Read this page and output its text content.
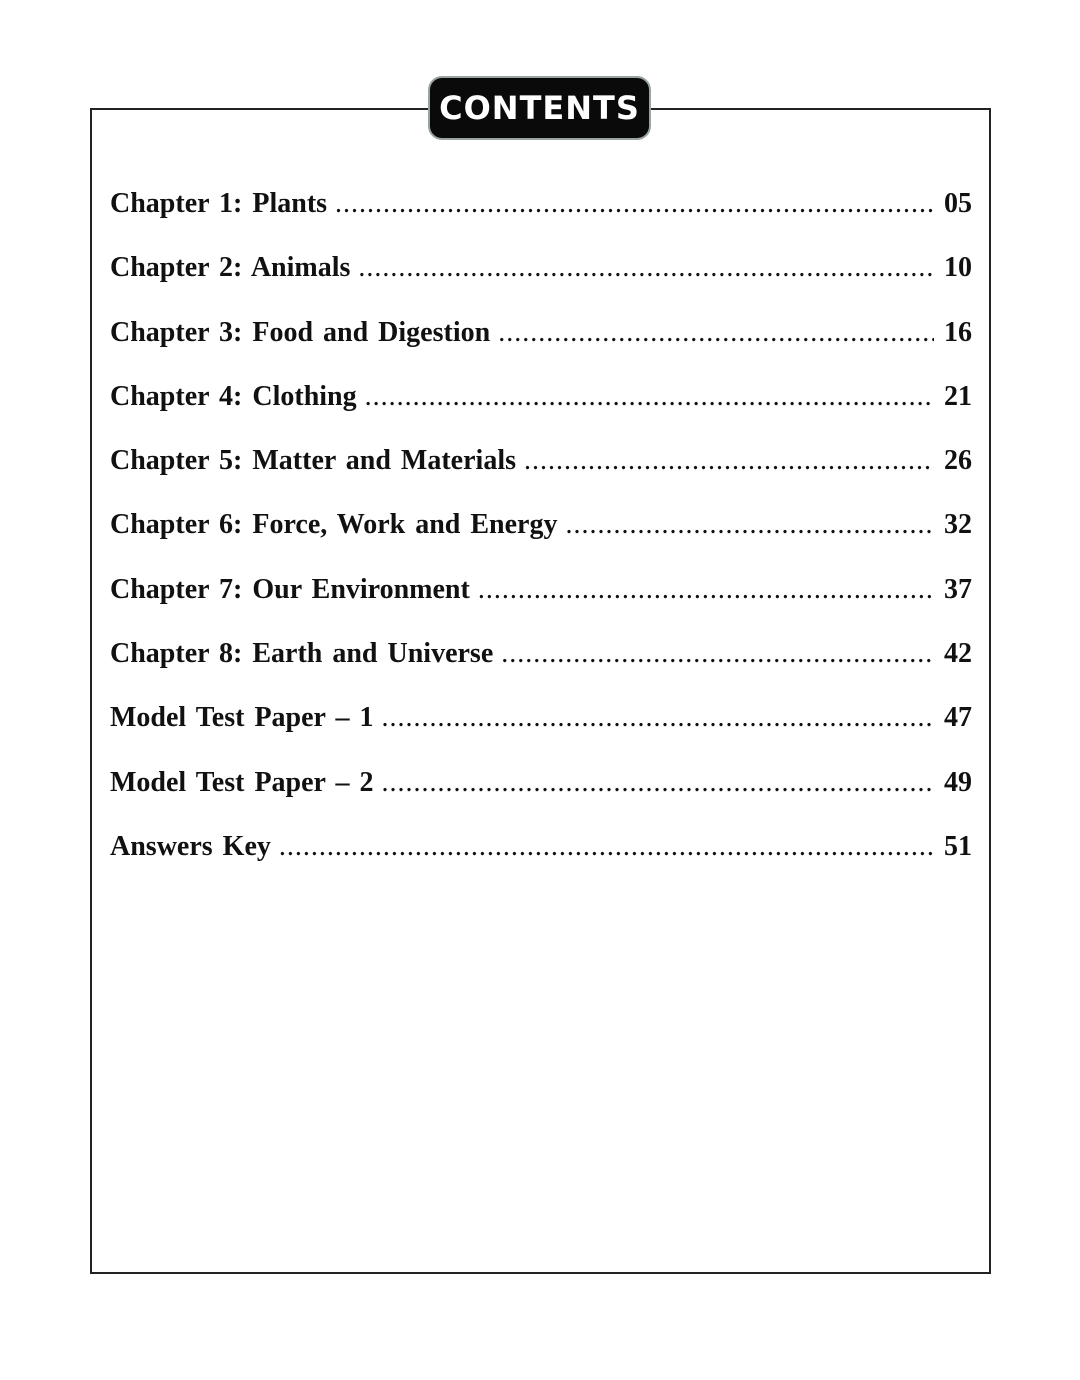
CONTENTS
Chapter 1: Plants .....	05
Chapter 2: Animals .....	10
Chapter 3: Food and Digestion .....	16
Chapter 4: Clothing .....	21
Chapter 5: Matter and Materials .....	26
Chapter 6: Force, Work and Energy .....	32
Chapter 7: Our Environment .....	37
Chapter 8: Earth and Universe .....	42
Model Test Paper – 1 .....	47
Model Test Paper – 2 .....	49
Answers Key .....	51
